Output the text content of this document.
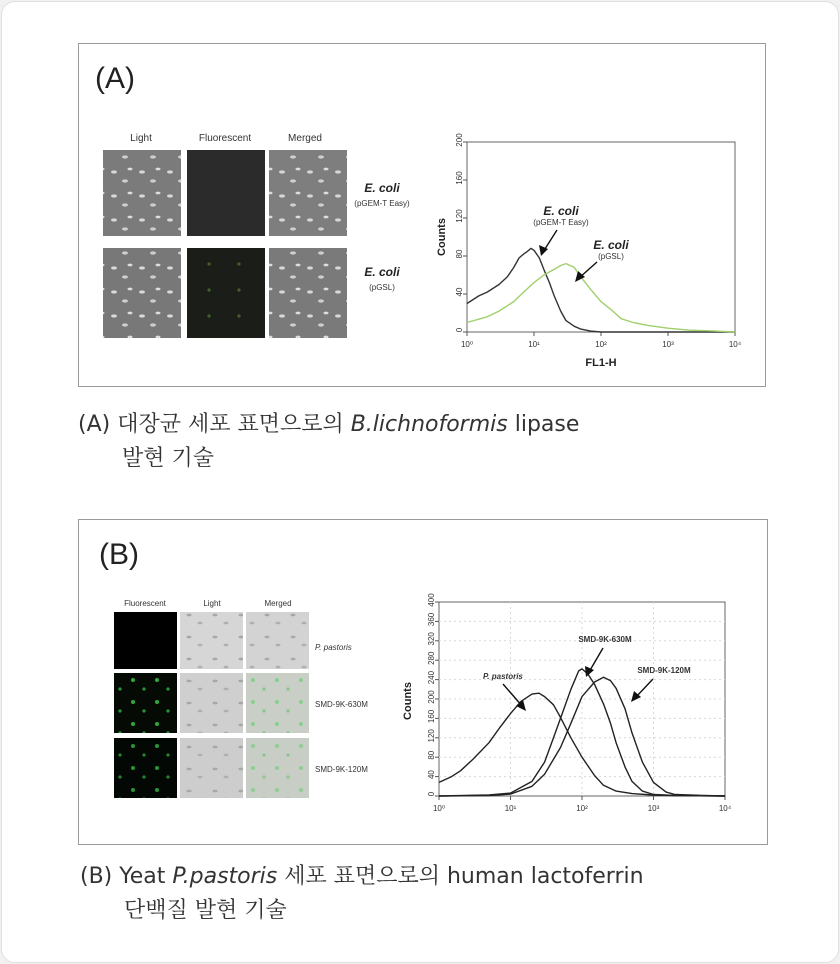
(A)
Light	Fluorescent	Merged
E. coli
(pGEM-T Easy)
E. coli
(pGSL)
Counts
FL1-H
0
40
80
120
160
200
10⁰	10¹	10²	10³	10⁴
E. coli
(pGEM-T Easy)
E. coli
(pGSL)
(A) 대장균 세포 표면으로의 B.lichnoformis lipase
발현 기술
(B)
Fluorescent	Light	Merged
P. pastoris
SMD-9K-630M
SMD-9K-120M
Counts
0
40
80
120
160
200
240
280
320
360
400
10⁰	10¹	10²	10³	10⁴
P. pastoris
SMD-9K-630M
SMD-9K-120M
(B) Yeat P.pastoris 세포 표면으로의 human lactoferrin
단백질 발현 기술
